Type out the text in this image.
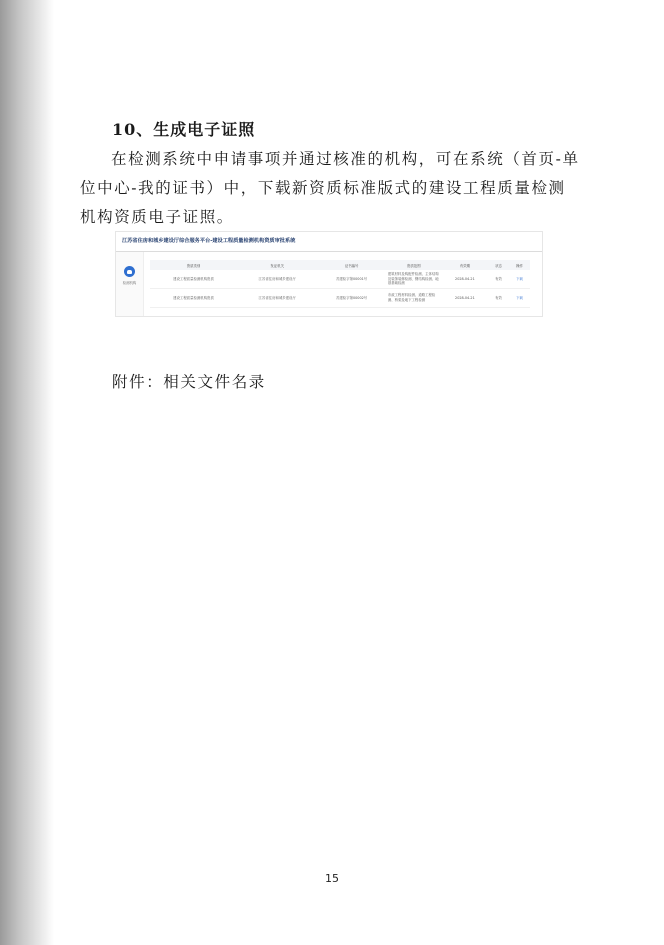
10、生成电子证照

在检测系统中申请事项并通过核准的机构，可在系统（首页-单位中心-我的证书）中，下载新资质标准版式的建设工程质量检测机构资质电子证照。

江苏省住房和城乡建设厅综合服务平台-建设工程质量检测机构资质审批系统
检测机构
资质类别	发证机关	证书编号	资质范围	有效期	状态	操作
建设工程质量检测机构资质	江苏省住房和城乡建设厅	苏建检字第00001号	建筑材料及构配件检测、主体结构及装饰装修检测、钢结构检测、地基基础检测	2028-04-21	有效	下载
建设工程质量检测机构资质	江苏省住房和城乡建设厅	苏建检字第00002号	市政工程材料检测、道路工程检测、桥梁及地下工程检测	2028-04-21	有效	下载
附件：相关文件名录
15
